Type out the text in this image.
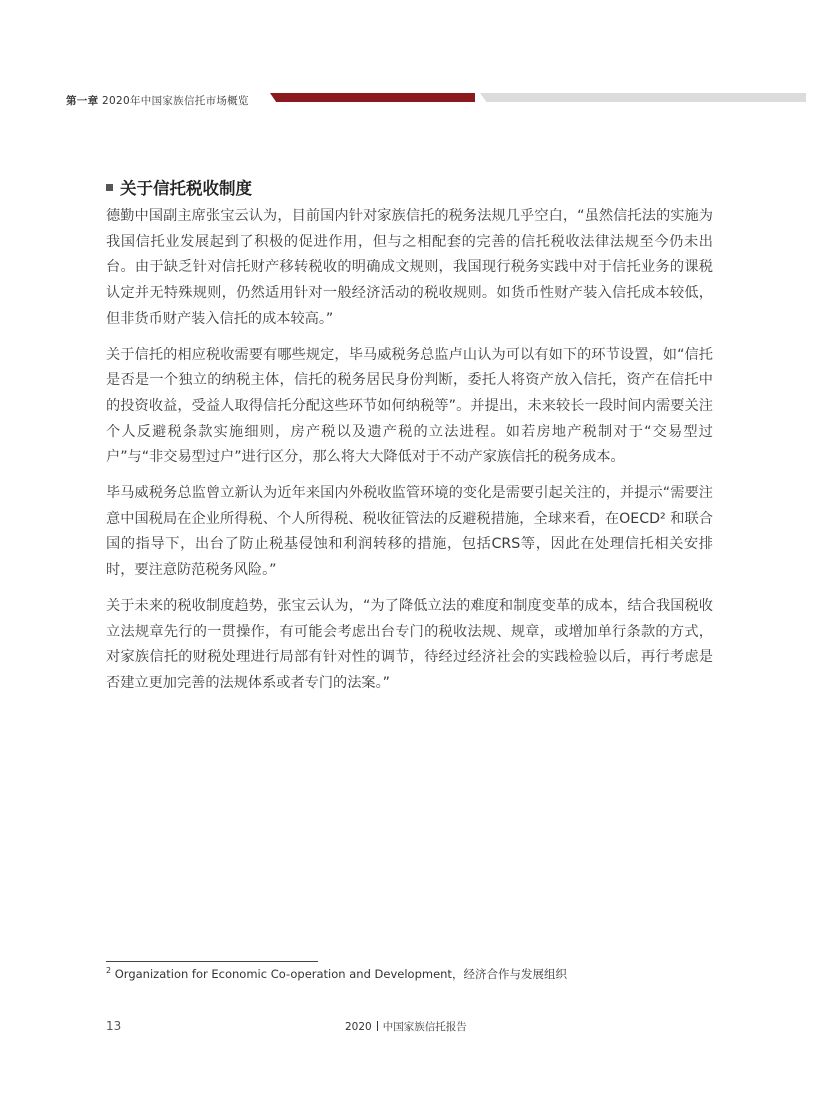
第一章 2020年中国家族信托市场概览
关于信托税收制度

德勤中国副主席张宝云认为，目前国内针对家族信托的税务法规几乎空白，“虽然信托法的实施为我国信托业发展起到了积极的促进作用，但与之相配套的完善的信托税收法律法规至今仍未出台。由于缺乏针对信托财产移转税收的明确成文规则，我国现行税务实践中对于信托业务的课税认定并无特殊规则，仍然适用针对一般经济活动的税收规则。如货币性财产装入信托成本较低，但非货币财产装入信托的成本较高。”

关于信托的相应税收需要有哪些规定，毕马威税务总监卢山认为可以有如下的环节设置，如“信托是否是一个独立的纳税主体，信托的税务居民身份判断，委托人将资产放入信托，资产在信托中的投资收益，受益人取得信托分配这些环节如何纳税等”。并提出，未来较长一段时间内需要关注个人反避税条款实施细则，房产税以及遗产税的立法进程。如若房地产税制对于“交易型过户”与“非交易型过户”进行区分，那么将大大降低对于不动产家族信托的税务成本。

毕马威税务总监曾立新认为近年来国内外税收监管环境的变化是需要引起关注的，并提示“需要注意中国税局在企业所得税、个人所得税、税收征管法的反避税措施，全球来看，在OECD² 和联合国的指导下，出台了防止税基侵蚀和利润转移的措施，包括CRS等，因此在处理信托相关安排时，要注意防范税务风险。”

关于未来的税收制度趋势，张宝云认为，“为了降低立法的难度和制度变革的成本，结合我国税收立法规章先行的一贯操作，有可能会考虑出台专门的税收法规、规章，或增加单行条款的方式，对家族信托的财税处理进行局部有针对性的调节，待经过经济社会的实践检验以后，再行考虑是否建立更加完善的法规体系或者专门的法案。”

$^2$ Organization for Economic Co-operation and Development，经济合作与发展组织
13	2020 中国家族信托报告
